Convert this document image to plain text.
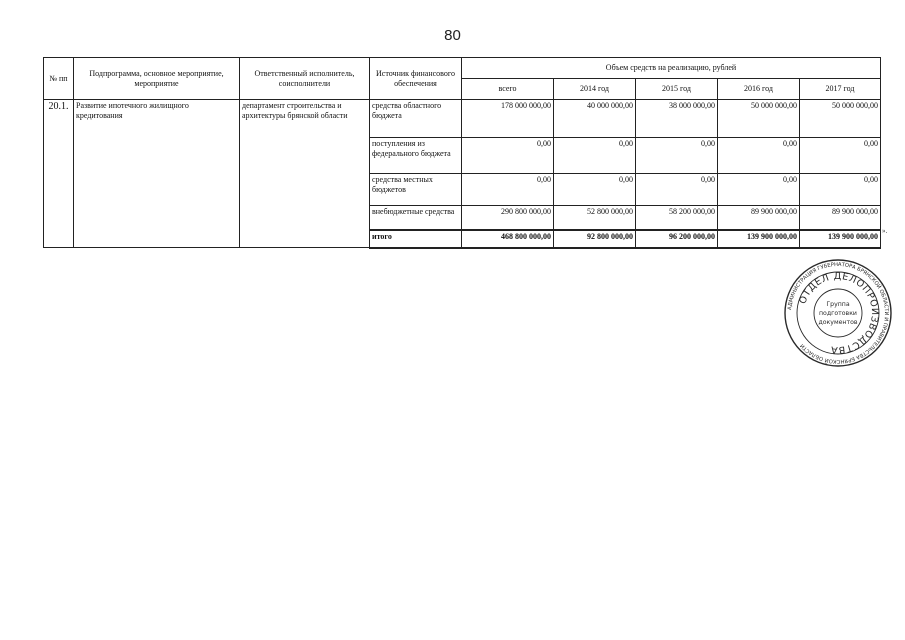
80
№ пп	Подпрограмма, основное мероприятие, мероприятие	Ответственный исполнитель, соисполнители	Источник финансового обеспечения	Объем средств на реализацию, рублей				
				всего	2014 год	2015 год	2016 год	2017 год
20.1.	Развитие ипотечного жилищного кредитования	департамент строительства и архитектуры брянской области	средства областного бюджета	178 000 000,00	40 000 000,00	38 000 000,00	50 000 000,00	50 000 000,00
			поступления из федерального бюджета	0,00	0,00	0,00	0,00	0,00
			средства местных бюджетов	0,00	0,00	0,00	0,00	0,00
			внебюджетные средства	290 800 000,00	52 800 000,00	58 200 000,00	89 900 000,00	89 900 000,00
			итого	468 800 000,00	92 800 000,00	96 200 000,00	139 900 000,00	139 900 000,00
».
АДМИНИСТРАЦИЯ ГУБЕРНАТОРА БРЯНСКОЙ ОБЛАСТИ И ПРАВИТЕЛЬСТВА БРЯНСКОЙ ОБЛАСТИ
ОТДЕЛ ДЕЛОПРОИЗВОДСТВА
Группа
подготовки
документов
